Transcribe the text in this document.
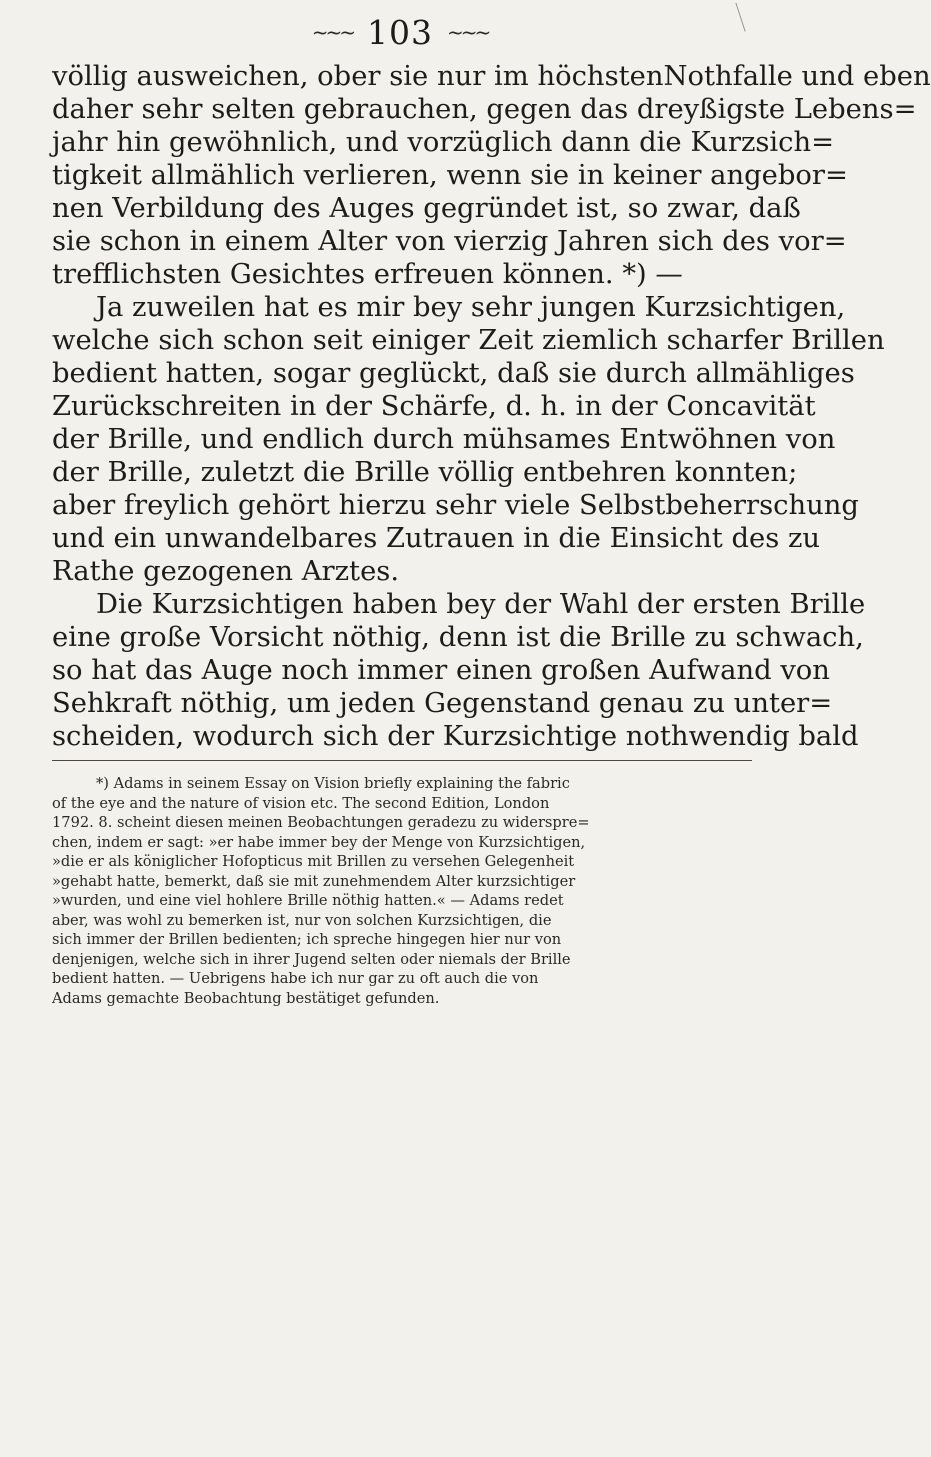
~~~ 103 ~~~
völlig ausweichen, ober sie nur im höchstenNothfalle und eben
daher sehr selten gebrauchen, gegen das dreyßigste Lebens=
jahr hin gewöhnlich, und vorzüglich dann die Kurzsich=
tigkeit allmählich verlieren, wenn sie in keiner angebor=
nen Verbildung des Auges gegründet ist, so zwar, daß
sie schon in einem Alter von vierzig Jahren sich des vor=
trefflichsten Gesichtes erfreuen können. *) —
Ja zuweilen hat es mir bey sehr jungen Kurzsichtigen,
welche sich schon seit einiger Zeit ziemlich scharfer Brillen
bedient hatten, sogar geglückt, daß sie durch allmähliges
Zurückschreiten in der Schärfe, d. h. in der Concavität
der Brille, und endlich durch mühsames Entwöhnen von
der Brille, zuletzt die Brille völlig entbehren konnten;
aber freylich gehört hierzu sehr viele Selbstbeherrschung
und ein unwandelbares Zutrauen in die Einsicht des zu
Rathe gezogenen Arztes.
Die Kurzsichtigen haben bey der Wahl der ersten Brille
eine große Vorsicht nöthig, denn ist die Brille zu schwach,
so hat das Auge noch immer einen großen Aufwand von
Sehkraft nöthig, um jeden Gegenstand genau zu unter=
scheiden, wodurch sich der Kurzsichtige nothwendig bald
*) Adams in seinem Essay on Vision briefly explaining the fabric
of the eye and the nature of vision etc. The second Edition, London
1792. 8. scheint diesen meinen Beobachtungen geradezu zu widerspre=
chen, indem er sagt: »er habe immer bey der Menge von Kurzsichtigen,
»die er als königlicher Hofopticus mit Brillen zu versehen Gelegenheit
»gehabt hatte, bemerkt, daß sie mit zunehmendem Alter kurzsichtiger
»wurden, und eine viel hohlere Brille nöthig hatten.« — Adams redet
aber, was wohl zu bemerken ist, nur von solchen Kurzsichtigen, die
sich immer der Brillen bedienten; ich spreche hingegen hier nur von
denjenigen, welche sich in ihrer Jugend selten oder niemals der Brille
bedient hatten. — Uebrigens habe ich nur gar zu oft auch die von
Adams gemachte Beobachtung bestätiget gefunden.
